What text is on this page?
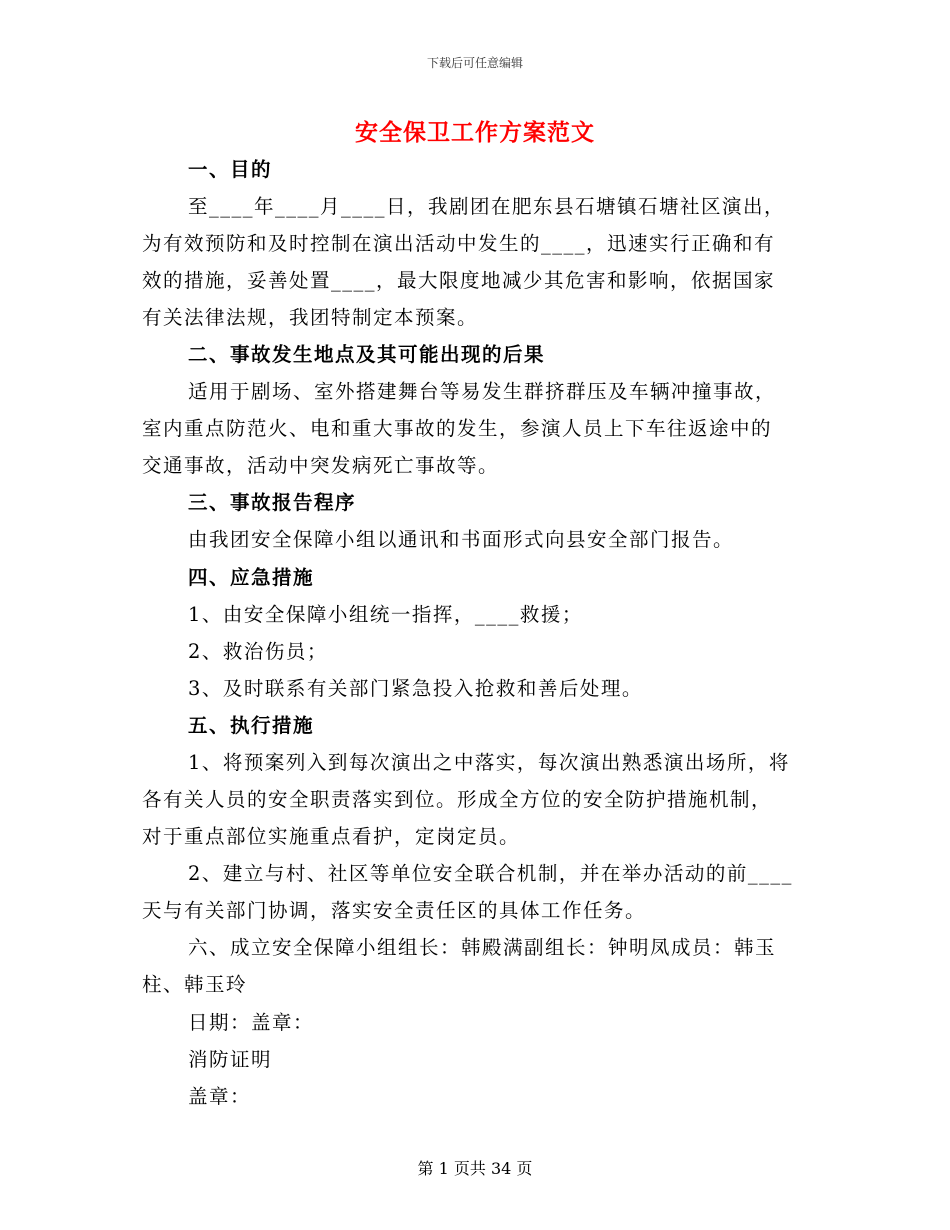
下载后可任意编辑
安全保卫工作方案范文
一、目的
至____年____月____日，我剧团在肥东县石塘镇石塘社区演出，
为有效预防和及时控制在演出活动中发生的____，迅速实行正确和有
效的措施，妥善处置____，最大限度地减少其危害和影响，依据国家
有关法律法规，我团特制定本预案。
二、事故发生地点及其可能出现的后果
适用于剧场、室外搭建舞台等易发生群挤群压及车辆冲撞事故，
室内重点防范火、电和重大事故的发生，参演人员上下车往返途中的
交通事故，活动中突发病死亡事故等。
三、事故报告程序
由我团安全保障小组以通讯和书面形式向县安全部门报告。
四、应急措施
1、由安全保障小组统一指挥，____救援；
2、救治伤员；
3、及时联系有关部门紧急投入抢救和善后处理。
五、执行措施
1、将预案列入到每次演出之中落实，每次演出熟悉演出场所，将
各有关人员的安全职责落实到位。形成全方位的安全防护措施机制，
对于重点部位实施重点看护，定岗定员。
2、建立与村、社区等单位安全联合机制，并在举办活动的前____
天与有关部门协调，落实安全责任区的具体工作任务。
六、成立安全保障小组组长：韩殿满副组长：钟明凤成员：韩玉
柱、韩玉玲
日期：盖章：
消防证明
盖章：
第 1 页共 34 页
